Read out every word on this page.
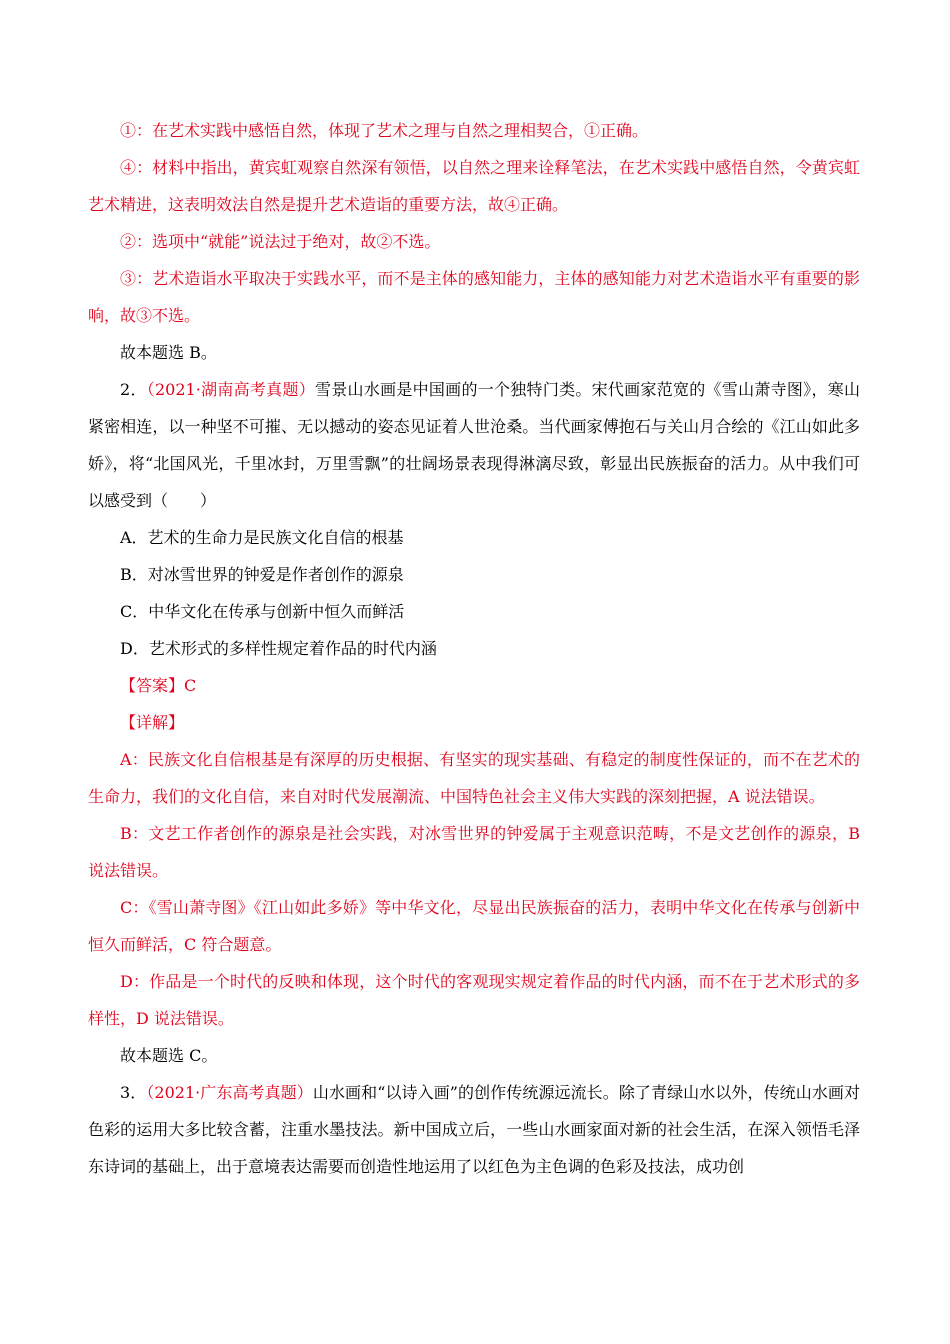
①：在艺术实践中感悟自然，体现了艺术之理与自然之理相契合，①正确。

④：材料中指出，黄宾虹观察自然深有领悟，以自然之理来诠释笔法，在艺术实践中感悟自然，令黄宾虹艺术精进，这表明效法自然是提升艺术造诣的重要方法，故④正确。

②：选项中“就能”说法过于绝对，故②不选。

③：艺术造诣水平取决于实践水平，而不是主体的感知能力，主体的感知能力对艺术造诣水平有重要的影响，故③不选。

故本题选 B。

2．（2021·湖南高考真题）雪景山水画是中国画的一个独特门类。宋代画家范宽的《雪山萧寺图》，寒山紧密相连，以一种坚不可摧、无以撼动的姿态见证着人世沧桑。当代画家傅抱石与关山月合绘的《江山如此多娇》，将“北国风光，千里冰封，万里雪飘”的壮阔场景表现得淋漓尽致，彰显出民族振奋的活力。从中我们可以感受到（　　）

A．艺术的生命力是民族文化自信的根基

B．对冰雪世界的钟爱是作者创作的源泉

C．中华文化在传承与创新中恒久而鲜活

D．艺术形式的多样性规定着作品的时代内涵

【答案】C

【详解】

A：民族文化自信根基是有深厚的历史根据、有坚实的现实基础、有稳定的制度性保证的，而不在艺术的生命力，我们的文化自信，来自对时代发展潮流、中国特色社会主义伟大实践的深刻把握，A 说法错误。

B：文艺工作者创作的源泉是社会实践，对冰雪世界的钟爱属于主观意识范畴，不是文艺创作的源泉，B 说法错误。

C：《雪山萧寺图》《江山如此多娇》等中华文化，尽显出民族振奋的活力，表明中华文化在传承与创新中恒久而鲜活，C 符合题意。

D：作品是一个时代的反映和体现，这个时代的客观现实规定着作品的时代内涵，而不在于艺术形式的多样性，D 说法错误。

故本题选 C。

3．（2021·广东高考真题）山水画和“以诗入画”的创作传统源远流长。除了青绿山水以外，传统山水画对色彩的运用大多比较含蓄，注重水墨技法。新中国成立后，一些山水画家面对新的社会生活，在深入领悟毛泽东诗词的基础上，出于意境表达需要而创造性地运用了以红色为主色调的色彩及技法，成功创
